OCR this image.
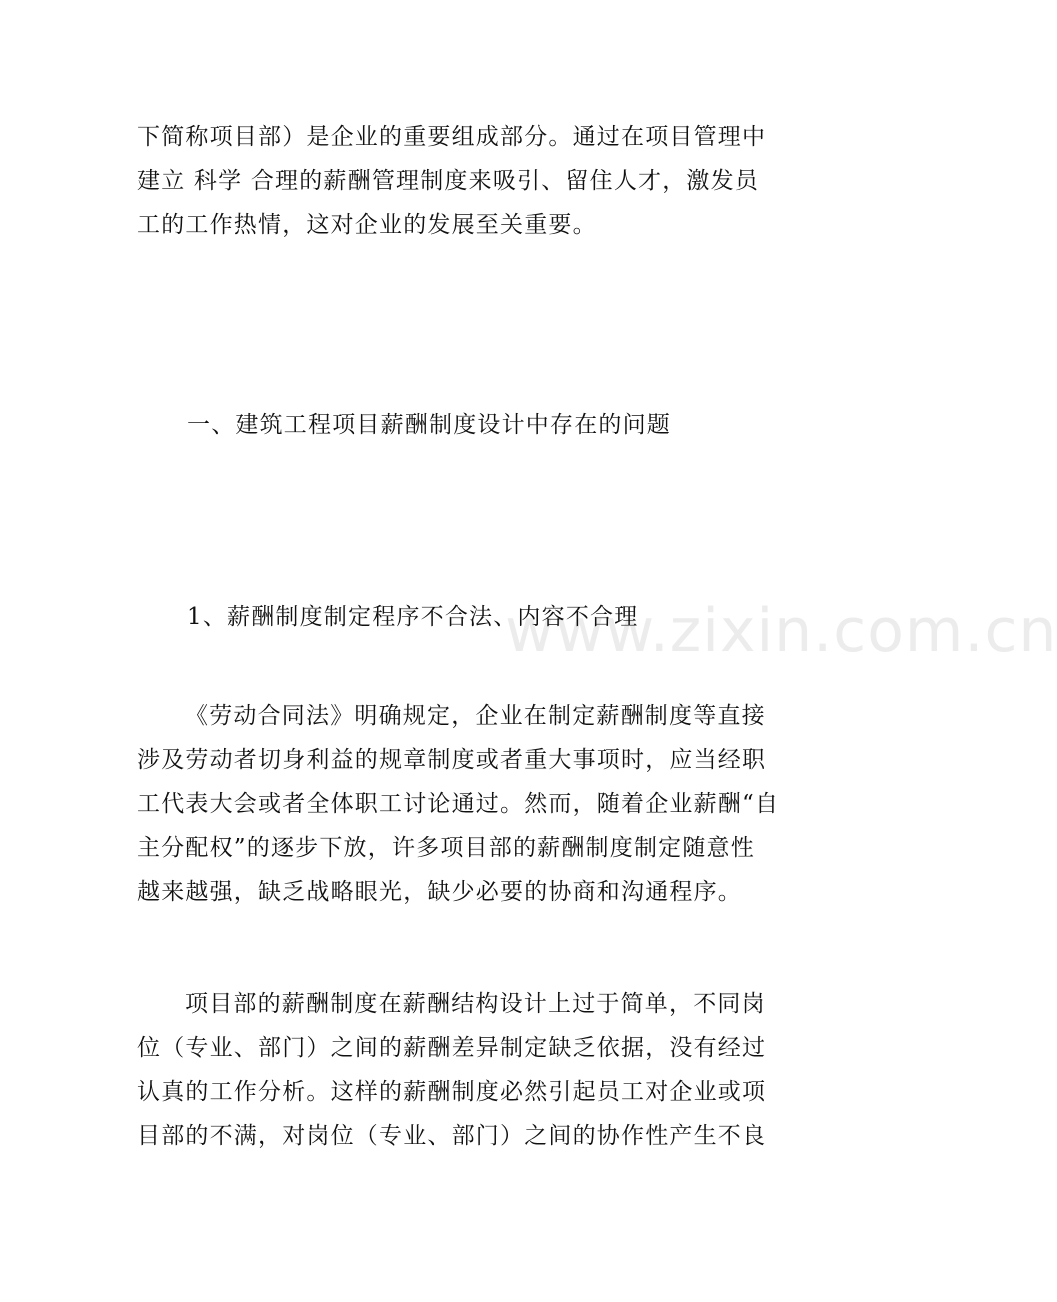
www.zixin.com.cn

下简称项目部）是企业的重要组成部分。通过在项目管理中
建立 科学 合理的薪酬管理制度来吸引、留住人才，激发员
工的工作热情，这对企业的发展至关重要。

一、建筑工程项目薪酬制度设计中存在的问题

1、薪酬制度制定程序不合法、内容不合理

《劳动合同法》明确规定，企业在制定薪酬制度等直接
涉及劳动者切身利益的规章制度或者重大事项时，应当经职
工代表大会或者全体职工讨论通过。然而，随着企业薪酬“自
主分配权”的逐步下放，许多项目部的薪酬制度制定随意性
越来越强，缺乏战略眼光，缺少必要的协商和沟通程序。

项目部的薪酬制度在薪酬结构设计上过于简单，不同岗
位（专业、部门）之间的薪酬差异制定缺乏依据，没有经过
认真的工作分析。这样的薪酬制度必然引起员工对企业或项
目部的不满，对岗位（专业、部门）之间的协作性产生不良
